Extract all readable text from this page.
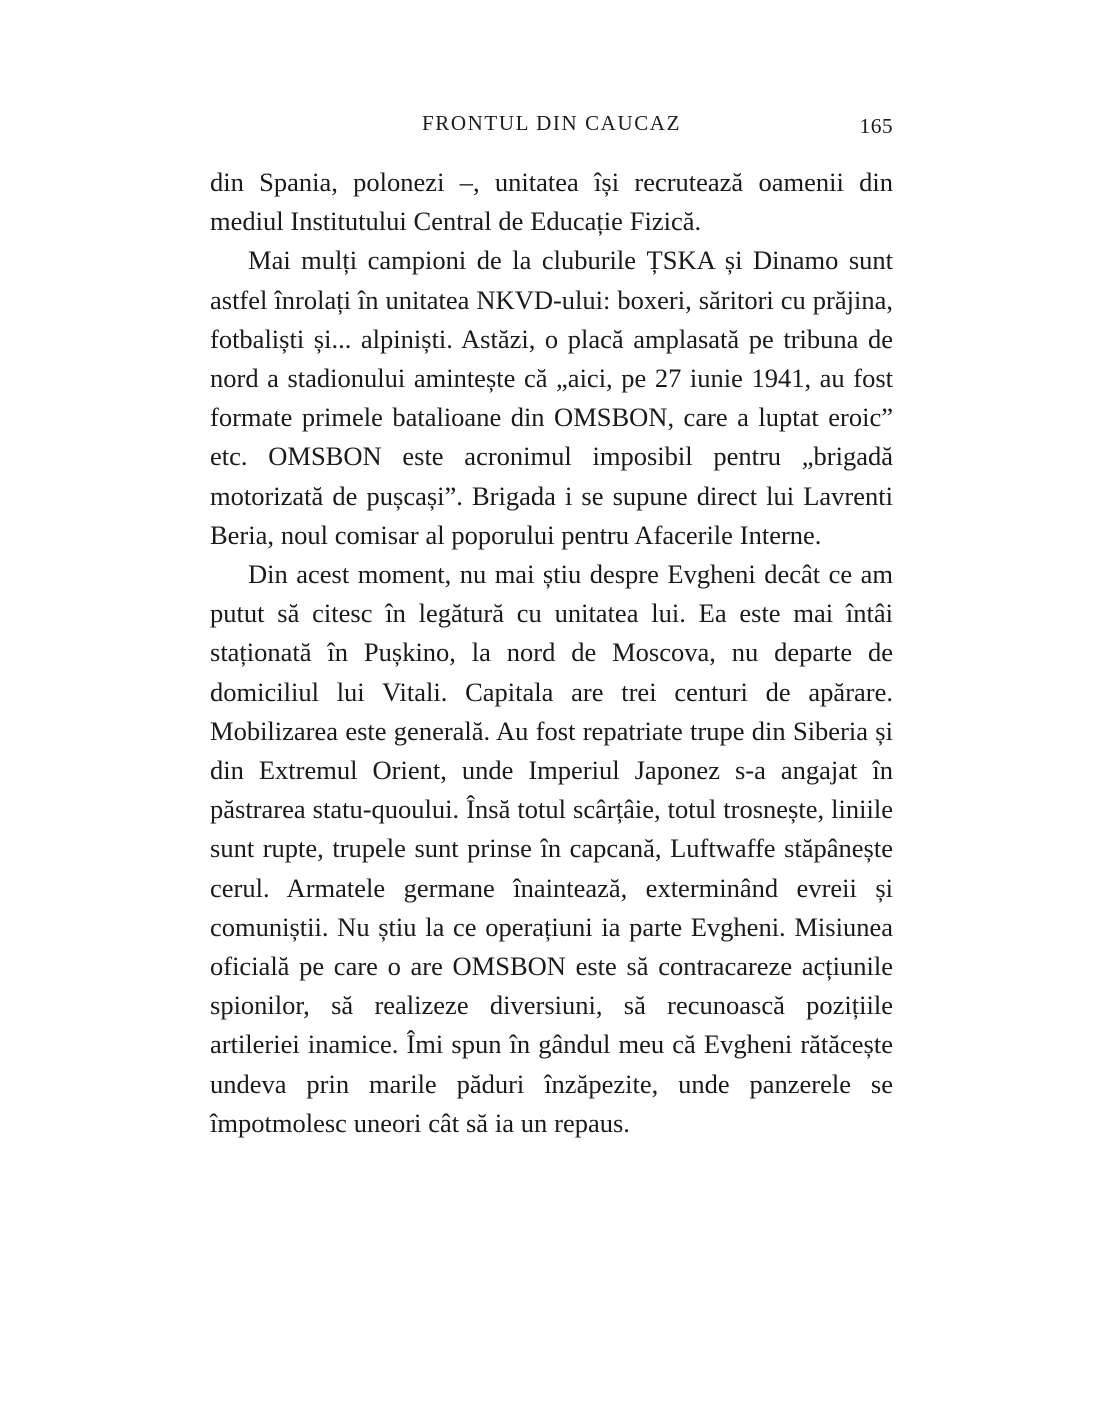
FRONTUL DIN CAUCAZ	165

din Spania, polonezi –, unitatea își recrutează oamenii din mediul Institutului Central de Educație Fizică.

Mai mulți campioni de la cluburile ȚSKA și Dinamo sunt astfel înrolați în unitatea NKVD-ului: boxeri, săritori cu prăjina, fotbaliști și... alpiniști. Astăzi, o placă amplasată pe tribuna de nord a stadionului amintește că „aici, pe 27 iunie 1941, au fost formate primele batalioane din OMSBON, care a luptat eroic” etc. OMSBON este acronimul imposibil pentru „brigadă motorizată de pușcași”. Brigada i se supune direct lui Lavrenti Beria, noul comisar al poporului pentru Afacerile Interne.

Din acest moment, nu mai știu despre Evgheni decât ce am putut să citesc în legătură cu unitatea lui. Ea este mai întâi staționată în Pușkino, la nord de Moscova, nu departe de domiciliul lui Vitali. Capitala are trei centuri de apărare. Mobilizarea este generală. Au fost repatriate trupe din Siberia și din Extremul Orient, unde Imperiul Japonez s-a angajat în păstrarea statu-quoului. Însă totul scârțâie, totul trosnește, liniile sunt rupte, trupele sunt prinse în capcană, Luftwaffe stăpânește cerul. Armatele germane înaintează, exterminând evreii și comuniștii. Nu știu la ce operațiuni ia parte Evgheni. Misiunea oficială pe care o are OMSBON este să contracareze acțiunile spionilor, să realizeze diversiuni, să recunoască pozițiile artileriei inamice. Îmi spun în gândul meu că Evgheni rătăcește undeva prin marile păduri înzăpezite, unde panzerele se împotmolesc uneori cât să ia un repaus.
